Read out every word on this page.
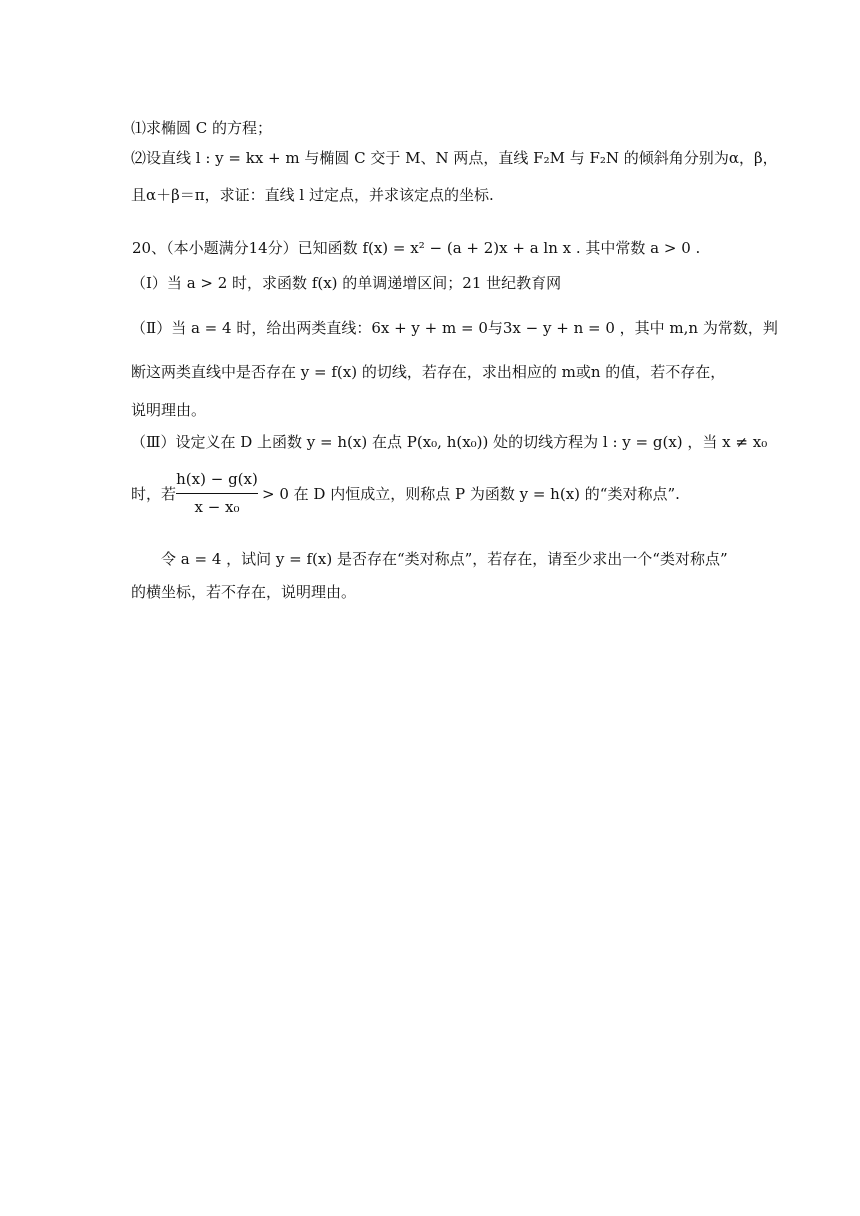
⑴求椭圆 C 的方程；
⑵设直线 l : y = kx + m 与椭圆 C 交于 M、N 两点，直线 F₂M 与 F₂N 的倾斜角分别为α，β，
且α＋β＝π，求证：直线 l 过定点，并求该定点的坐标.
20、（本小题满分14分）已知函数 f(x) = x² − (a + 2)x + a ln x . 其中常数 a > 0 .
（Ⅰ）当 a > 2 时，求函数 f(x) 的单调递增区间；21 世纪教育网
（Ⅱ）当 a = 4 时，给出两类直线：6x + y + m = 0与3x − y + n = 0 ，其中 m,n 为常数，判
断这两类直线中是否存在 y = f(x) 的切线，若存在，求出相应的 m或n 的值，若不存在，
说明理由。
（Ⅲ）设定义在 D 上函数 y = h(x) 在点 P(x₀, h(x₀)) 处的切线方程为 l : y = g(x) ，当 x ≠ x₀
时，若
h(x) − g(x)
x − x₀
> 0 在 D 内恒成立，则称点 P 为函数 y = h(x) 的“类对称点”.
　　令 a = 4 ，试问 y = f(x) 是否存在“类对称点”，若存在，请至少求出一个“类对称点”
的横坐标，若不存在，说明理由。
